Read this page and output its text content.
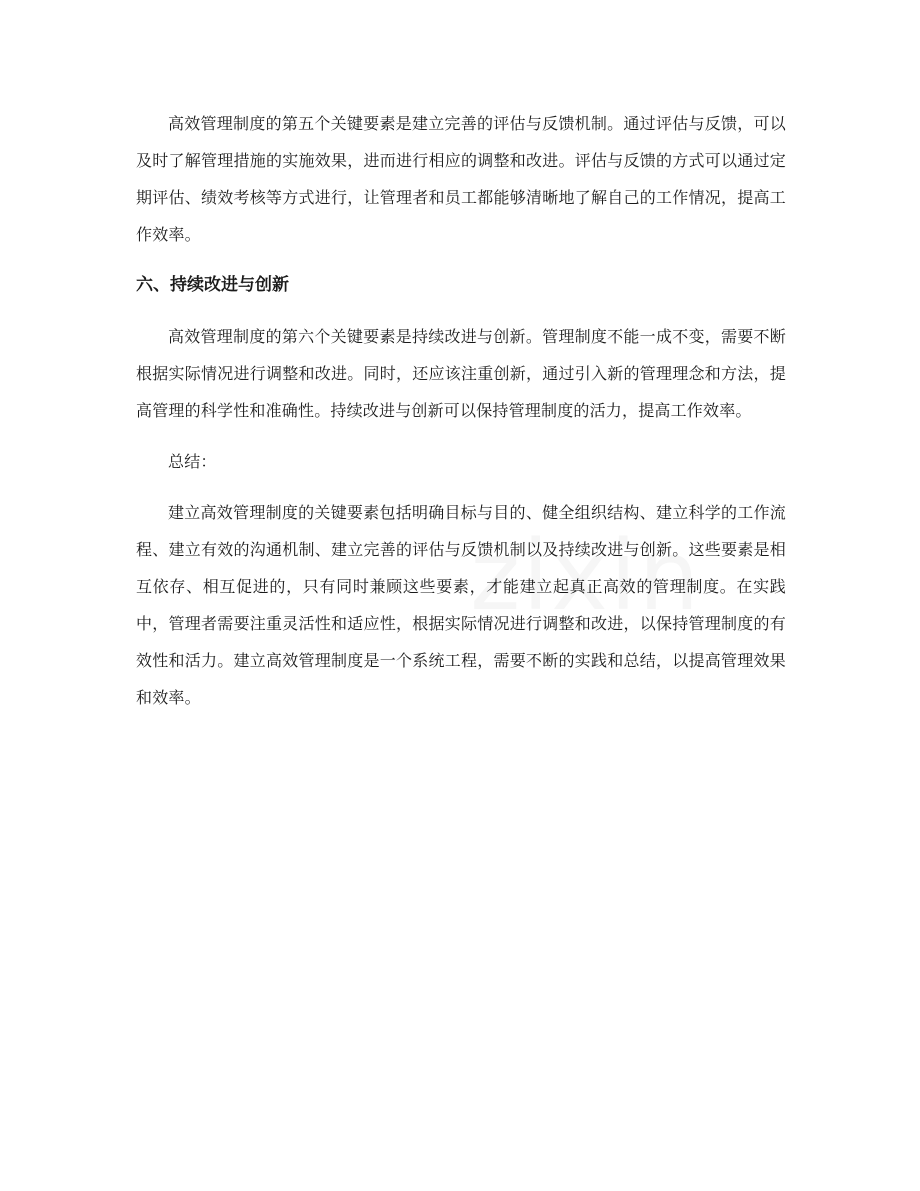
高效管理制度的第五个关键要素是建立完善的评估与反馈机制。通过评估与反馈，可以及时了解管理措施的实施效果，进而进行相应的调整和改进。评估与反馈的方式可以通过定期评估、绩效考核等方式进行，让管理者和员工都能够清晰地了解自己的工作情况，提高工作效率。

六、持续改进与创新

高效管理制度的第六个关键要素是持续改进与创新。管理制度不能一成不变，需要不断根据实际情况进行调整和改进。同时，还应该注重创新，通过引入新的管理理念和方法，提高管理的科学性和准确性。持续改进与创新可以保持管理制度的活力，提高工作效率。

总结：

建立高效管理制度的关键要素包括明确目标与目的、健全组织结构、建立科学的工作流程、建立有效的沟通机制、建立完善的评估与反馈机制以及持续改进与创新。这些要素是相互依存、相互促进的，只有同时兼顾这些要素，才能建立起真正高效的管理制度。在实践中，管理者需要注重灵活性和适应性，根据实际情况进行调整和改进，以保持管理制度的有效性和活力。建立高效管理制度是一个系统工程，需要不断的实践和总结，以提高管理效果和效率。
